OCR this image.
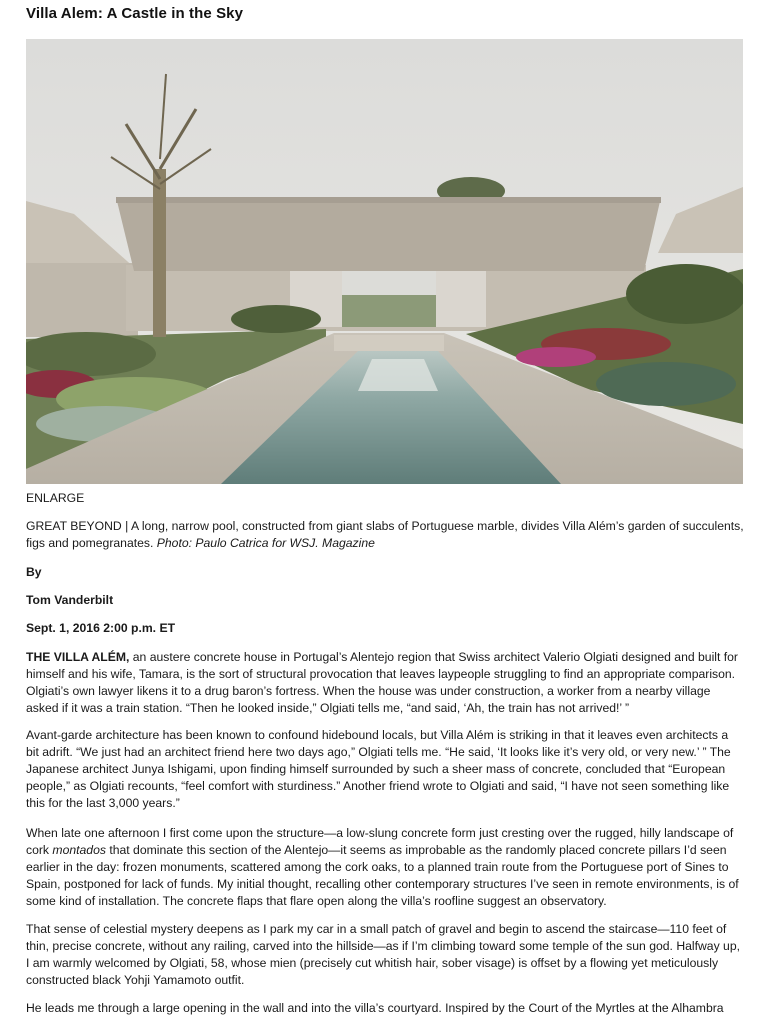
Villa Alem: A Castle in the Sky
ENLARGE
GREAT BEYOND | A long, narrow pool, constructed from giant slabs of Portuguese marble, divides Villa Além’s garden of succulents, figs and pomegranates. Photo: Paulo Catrica for WSJ. Magazine
By
Tom Vanderbilt
Sept. 1, 2016 2:00 p.m. ET

THE VILLA ALÉM, an austere concrete house in Portugal’s Alentejo region that Swiss architect Valerio Olgiati designed and built for himself and his wife, Tamara, is the sort of structural provocation that leaves laypeople struggling to find an appropriate comparison. Olgiati’s own lawyer likens it to a drug baron’s fortress. When the house was under construction, a worker from a nearby village asked if it was a train station. “Then he looked inside,” Olgiati tells me, “and said, ‘Ah, the train has not arrived!’ ”

Avant-garde architecture has been known to confound hidebound locals, but Villa Além is striking in that it leaves even architects a bit adrift. “We just had an architect friend here two days ago,” Olgiati tells me. “He said, ‘It looks like it’s very old, or very new.’ ” The Japanese architect Junya Ishigami, upon finding himself surrounded by such a sheer mass of concrete, concluded that “European people,” as Olgiati recounts, “feel comfort with sturdiness.” Another friend wrote to Olgiati and said, “I have not seen something like this for the last 3,000 years.”

When late one afternoon I first come upon the structure—a low-slung concrete form just cresting over the rugged, hilly landscape of cork montados that dominate this section of the Alentejo—it seems as improbable as the randomly placed concrete pillars I’d seen earlier in the day: frozen monuments, scattered among the cork oaks, to a planned train route from the Portuguese port of Sines to Spain, postponed for lack of funds. My initial thought, recalling other contemporary structures I’ve seen in remote environments, is of some kind of installation. The concrete flaps that flare open along the villa’s roofline suggest an observatory.

That sense of celestial mystery deepens as I park my car in a small patch of gravel and begin to ascend the staircase—110 feet of thin, precise concrete, without any railing, carved into the hillside—as if I’m climbing toward some temple of the sun god. Halfway up, I am warmly welcomed by Olgiati, 58, whose mien (precisely cut whitish hair, sober visage) is offset by a flowing yet meticulously constructed black Yohji Yamamoto outfit.

He leads me through a large opening in the wall and into the villa’s courtyard. Inspired by the Court of the Myrtles at the Alhambra
